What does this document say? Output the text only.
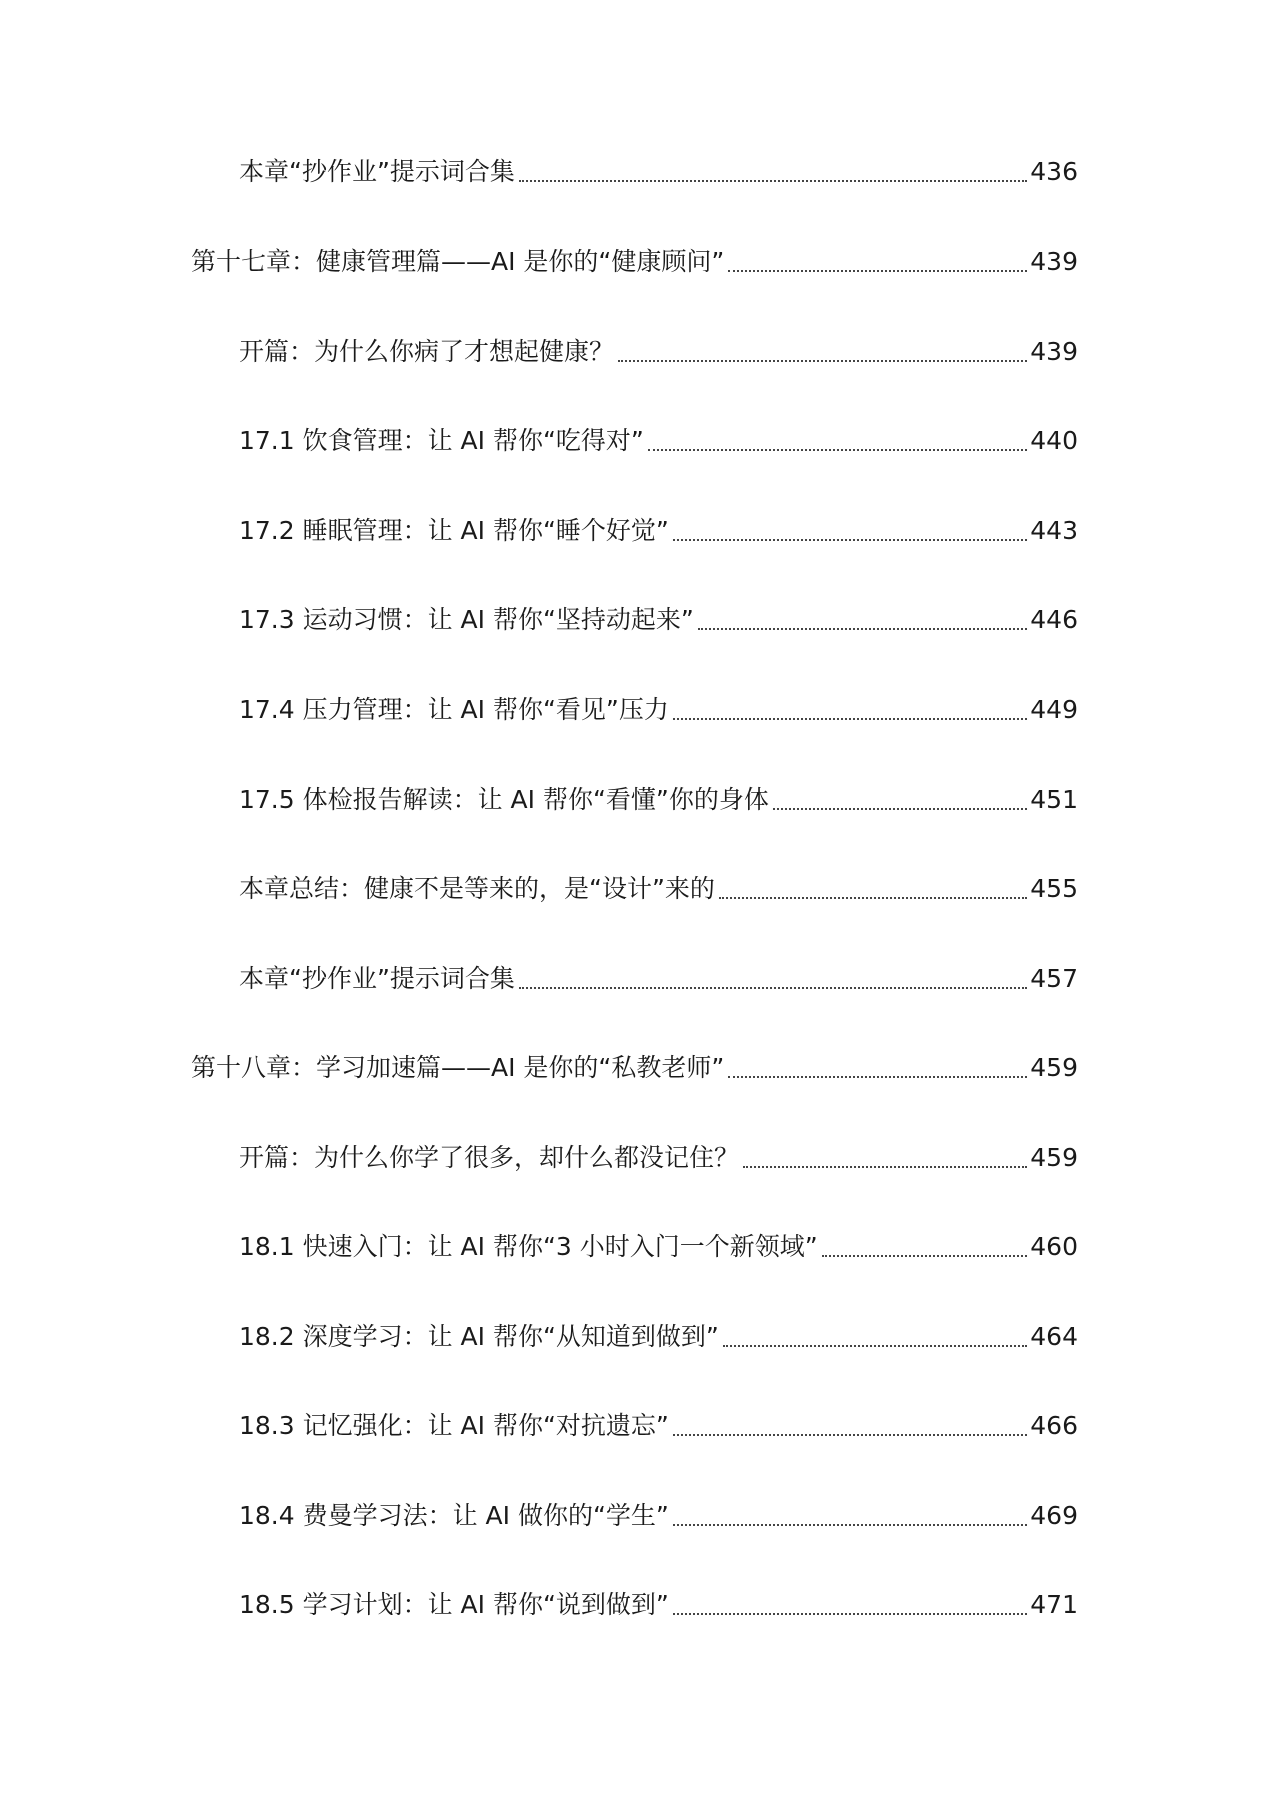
本章“抄作业”提示词合集	436
第十七章：健康管理篇——AI 是你的“健康顾问”	439
开篇：为什么你病了才想起健康？	439
17.1 饮食管理：让 AI 帮你“吃得对”	440
17.2 睡眠管理：让 AI 帮你“睡个好觉”	443
17.3 运动习惯：让 AI 帮你“坚持动起来”	446
17.4 压力管理：让 AI 帮你“看见”压力	449
17.5 体检报告解读：让 AI 帮你“看懂”你的身体	451
本章总结：健康不是等来的，是“设计”来的	455
本章“抄作业”提示词合集	457
第十八章：学习加速篇——AI 是你的“私教老师”	459
开篇：为什么你学了很多，却什么都没记住？	459
18.1 快速入门：让 AI 帮你“3 小时入门一个新领域”	460
18.2 深度学习：让 AI 帮你“从知道到做到”	464
18.3 记忆强化：让 AI 帮你“对抗遗忘”	466
18.4 费曼学习法：让 AI 做你的“学生”	469
18.5 学习计划：让 AI 帮你“说到做到”	471
